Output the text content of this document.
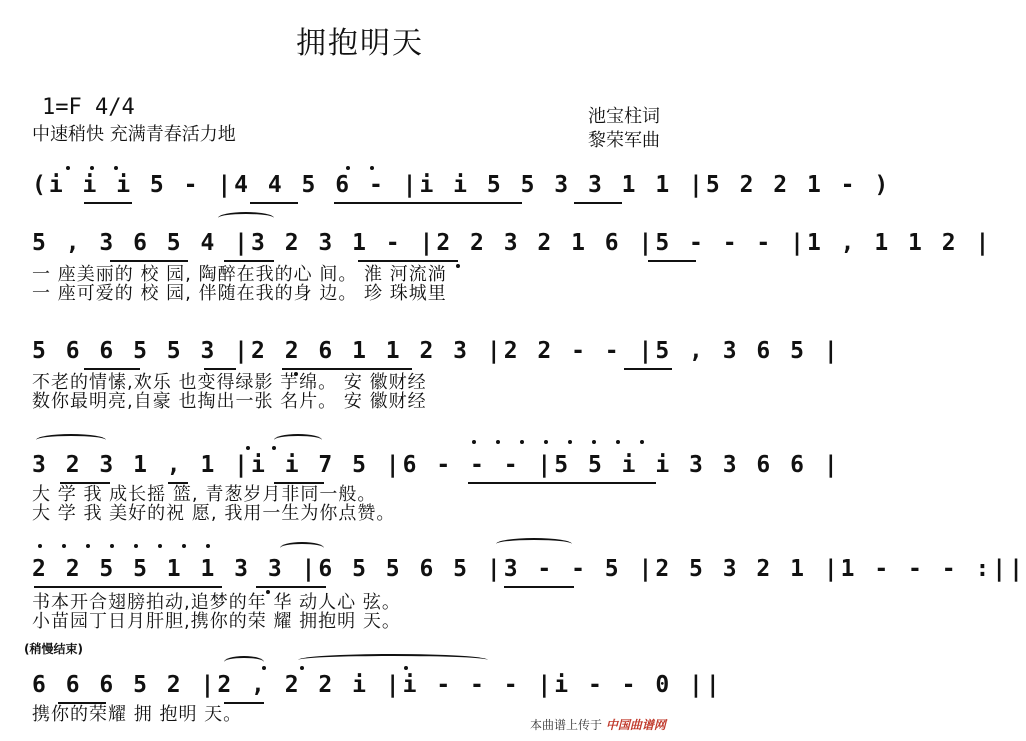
拥抱明天
1=F 4/4
中速稍快 充满青春活力地
池宝柱词
黎荣军曲
(i i i 5 - |4 4 5 6 - |i i 5 5 3 3 1 1 |5 2 2 1 - )
5 , 3 6 5 4 |3 2 3 1 - |2 2 3 2 1 6 |5 - - - |1 , 1 1 2 |
一 座美丽的 校 园, 陶醉在我的心 间。 淮 河流淌
一 座可爱的 校 园, 伴随在我的身 边。 珍 珠城里
5 6 6 5 5 3 |2 2 6 1 1 2 3 |2 2 - - |5 , 3 6 5 |
不老的情愫,欢乐 也变得绿影 芋绵。 安 徽财经
数你最明亮,自豪 也掏出一张 名片。 安 徽财经
3 2 3 1 , 1 |i i 7 5 |6 - - - |5 5 i i 3 3 6 6 |
大 学 我 成长摇 篮, 青葱岁月非同一般。
大 学 我 美好的祝 愿, 我用一生为你点赞。
2 2 5 5 1 1 3 3 |6 5 5 6 5 |3 - - 5 |2 5 3 2 1 |1 - - - :||
书本开合翅膀拍动,追梦的年 华 动人心 弦。
小苗园丁日月肝胆,携你的荣 耀 拥抱明 天。
(稍慢结束)
6 6 6 5 2 |2 , 2 2 i |i - - - |i - - 0 ||
携你的荣耀 拥 抱明 天。	本曲谱上传于 中国曲谱网
